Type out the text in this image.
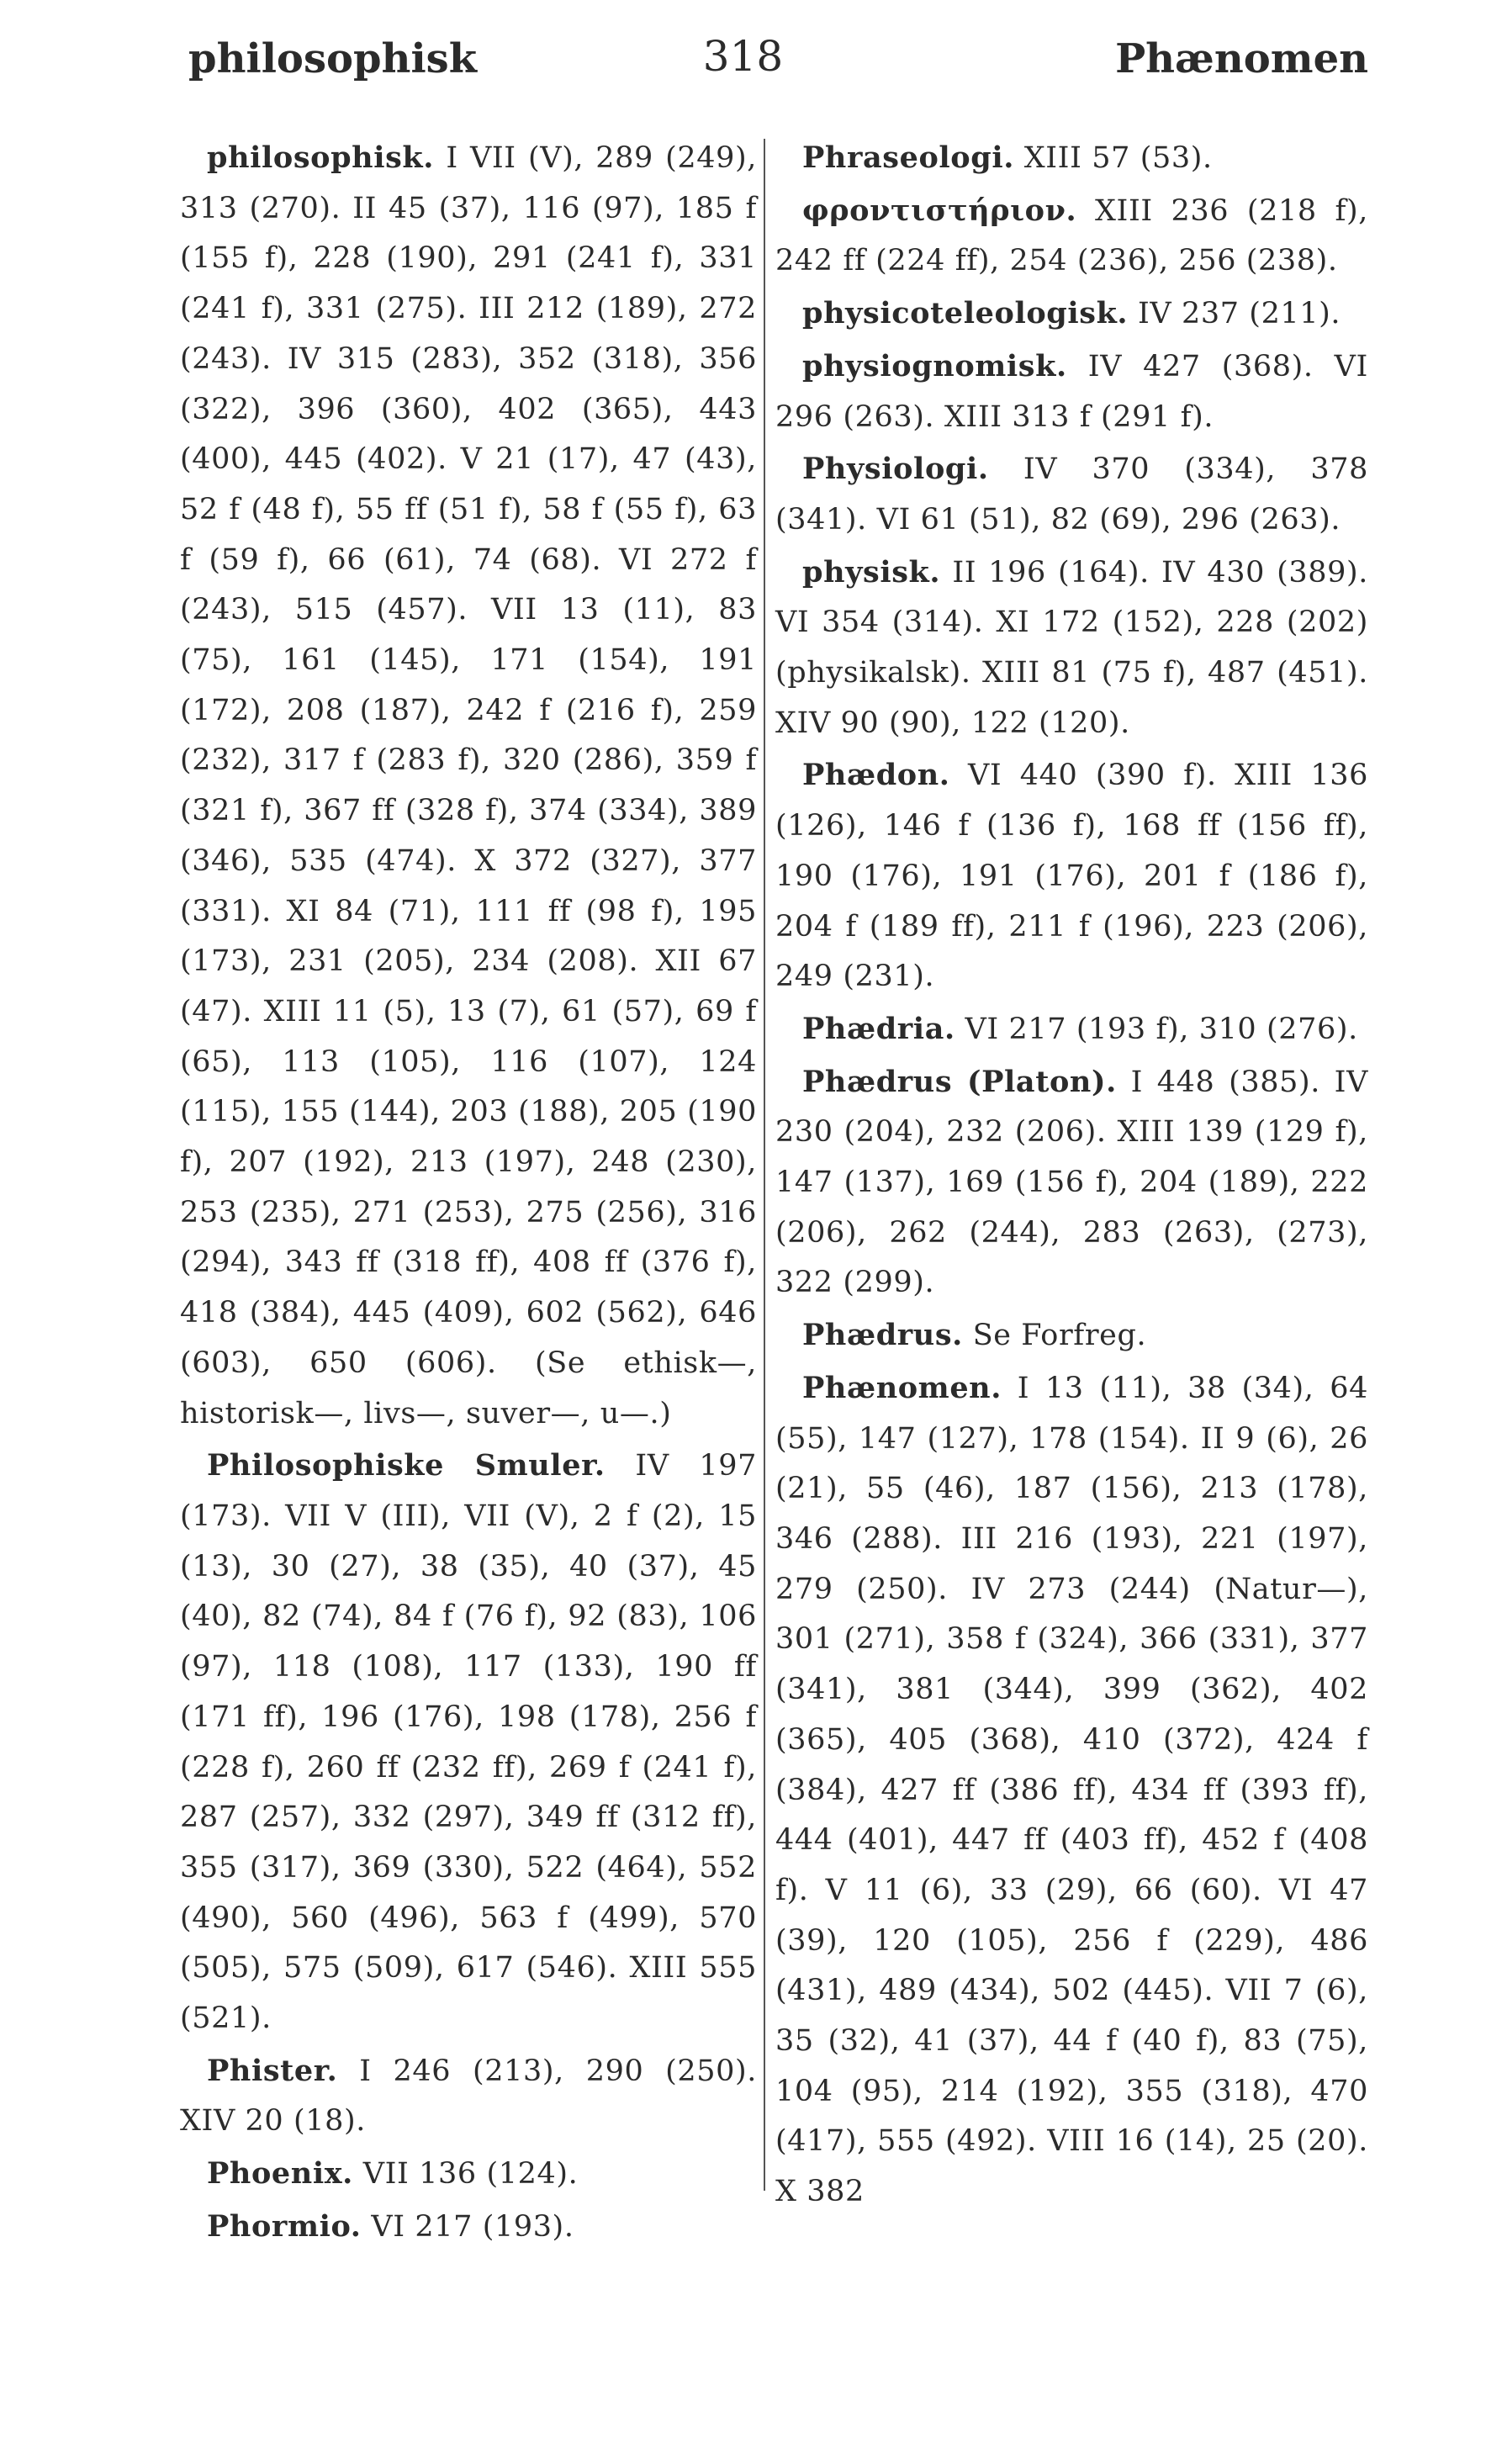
philosophisk	318	Phænomen

philosophisk. I VII (V), 289 (249), 313 (270). II 45 (37), 116 (97), 185 f (155 f), 228 (190), 291 (241 f), 331 (241 f), 331 (275). III 212 (189), 272 (243). IV 315 (283), 352 (318), 356 (322), 396 (360), 402 (365), 443 (400), 445 (402). V 21 (17), 47 (43), 52 f (48 f), 55 ff (51 f), 58 f (55 f), 63 f (59 f), 66 (61), 74 (68). VI 272 f (243), 515 (457). VII 13 (11), 83 (75), 161 (145), 171 (154), 191 (172), 208 (187), 242 f (216 f), 259 (232), 317 f (283 f), 320 (286), 359 f (321 f), 367 ff (328 f), 374 (334), 389 (346), 535 (474). X 372 (327), 377 (331). XI 84 (71), 111 ff (98 f), 195 (173), 231 (205), 234 (208). XII 67 (47). XIII 11 (5), 13 (7), 61 (57), 69 f (65), 113 (105), 116 (107), 124 (115), 155 (144), 203 (188), 205 (190 f), 207 (192), 213 (197), 248 (230), 253 (235), 271 (253), 275 (256), 316 (294), 343 ff (318 ff), 408 ff (376 f), 418 (384), 445 (409), 602 (562), 646 (603), 650 (606). (Se ethisk—, historisk—, livs—, suver—, u—.)

Philosophiske Smuler. IV 197 (173). VII V (III), VII (V), 2 f (2), 15 (13), 30 (27), 38 (35), 40 (37), 45 (40), 82 (74), 84 f (76 f), 92 (83), 106 (97), 118 (108), 117 (133), 190 ff (171 ff), 196 (176), 198 (178), 256 f (228 f), 260 ff (232 ff), 269 f (241 f), 287 (257), 332 (297), 349 ff (312 ff), 355 (317), 369 (330), 522 (464), 552 (490), 560 (496), 563 f (499), 570 (505), 575 (509), 617 (546). XIII 555 (521).

Phister. I 246 (213), 290 (250). XIV 20 (18).

Phoenix. VII 136 (124).

Phormio. VI 217 (193).

Phraseologi. XIII 57 (53).

φροντιστήριον. XIII 236 (218 f), 242 ff (224 ff), 254 (236), 256 (238).

physicoteleologisk. IV 237 (211).

physiognomisk. IV 427 (368). VI 296 (263). XIII 313 f (291 f).

Physiologi. IV 370 (334), 378 (341). VI 61 (51), 82 (69), 296 (263).

physisk. II 196 (164). IV 430 (389). VI 354 (314). XI 172 (152), 228 (202) (physikalsk). XIII 81 (75 f), 487 (451). XIV 90 (90), 122 (120).

Phædon. VI 440 (390 f). XIII 136 (126), 146 f (136 f), 168 ff (156 ff), 190 (176), 191 (176), 201 f (186 f), 204 f (189 ff), 211 f (196), 223 (206), 249 (231).

Phædria. VI 217 (193 f), 310 (276).

Phædrus (Platon). I 448 (385). IV 230 (204), 232 (206). XIII 139 (129 f), 147 (137), 169 (156 f), 204 (189), 222 (206), 262 (244), 283 (263), (273), 322 (299).

Phædrus. Se Forfreg.

Phænomen. I 13 (11), 38 (34), 64 (55), 147 (127), 178 (154). II 9 (6), 26 (21), 55 (46), 187 (156), 213 (178), 346 (288). III 216 (193), 221 (197), 279 (250). IV 273 (244) (Natur—), 301 (271), 358 f (324), 366 (331), 377 (341), 381 (344), 399 (362), 402 (365), 405 (368), 410 (372), 424 f (384), 427 ff (386 ff), 434 ff (393 ff), 444 (401), 447 ff (403 ff), 452 f (408 f). V 11 (6), 33 (29), 66 (60). VI 47 (39), 120 (105), 256 f (229), 486 (431), 489 (434), 502 (445). VII 7 (6), 35 (32), 41 (37), 44 f (40 f), 83 (75), 104 (95), 214 (192), 355 (318), 470 (417), 555 (492). VIII 16 (14), 25 (20). X 382
